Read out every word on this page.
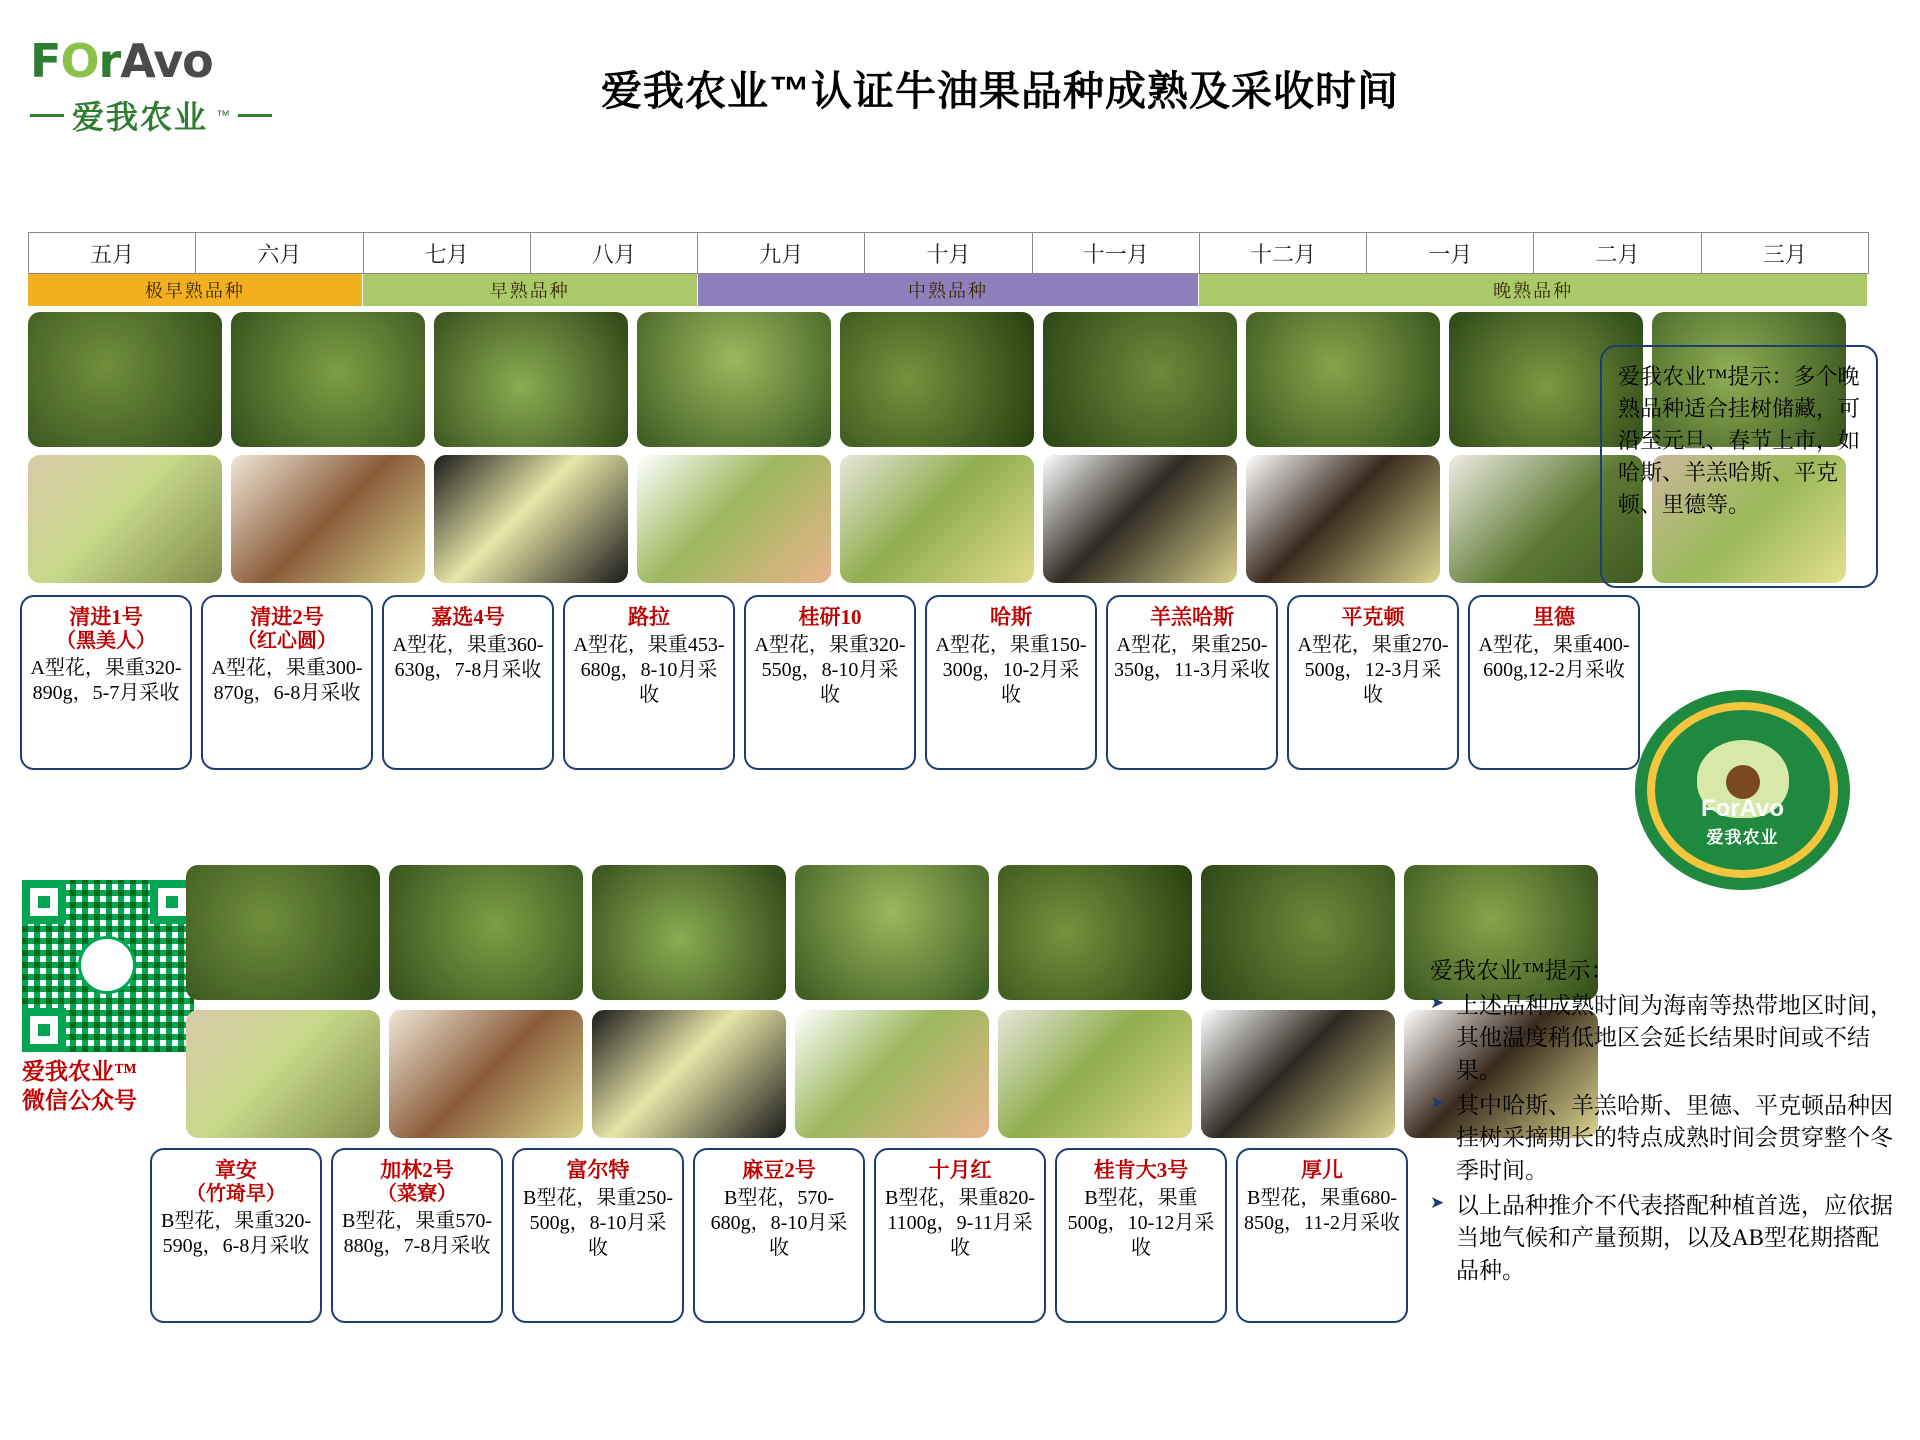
FOrAvo
爱我农业 ™
爱我农业™认证牛油果品种成熟及采收时间
五月	六月	七月	八月	九月	十月	十一月	十二月	一月	二月	三月
极早熟品种	早熟品种	中熟品种	晚熟品种
清进1号
（黑美人）
A型花，果重320-890g，5-7月采收
清进2号
（红心圆）
A型花，果重300-870g，6-8月采收
嘉选4号
A型花，果重360-630g，7-8月采收
路拉
A型花，果重453-680g，8-10月采收
桂研10
A型花，果重320-550g，8-10月采收
哈斯
A型花，果重150-300g，10-2月采收
羊羔哈斯
A型花，果重250-350g，11-3月采收
平克顿
A型花，果重270-500g，12-3月采收
里德
A型花，果重400-600g,12-2月采收
爱我农业™提示：多个晚熟品种适合挂树储藏，可沿至元旦、春节上市，如哈斯、羊羔哈斯、平克顿、里德等。
ForAvo
爱我农业
爱我农业™
微信公众号
章安
（竹琦早）
B型花，果重320-590g，6-8月采收
加林2号
（菜寮）
B型花，果重570-880g，7-8月采收
富尔特
B型花，果重250-500g，8-10月采收
麻豆2号
B型花，570-680g，8-10月采收
十月红
B型花，果重820-1100g，9-11月采收
桂肯大3号
B型花，果重500g，10-12月采收
厚儿
B型花，果重680-850g，11-2月采收
爱我农业™提示：
➤ 上述品种成熟时间为海南等热带地区时间，其他温度稍低地区会延长结果时间或不结果。
➤ 其中哈斯、羊羔哈斯、里德、平克顿品种因挂树采摘期长的特点成熟时间会贯穿整个冬季时间。
➤ 以上品种推介不代表搭配种植首选，应依据当地气候和产量预期，以及AB型花期搭配品种。
